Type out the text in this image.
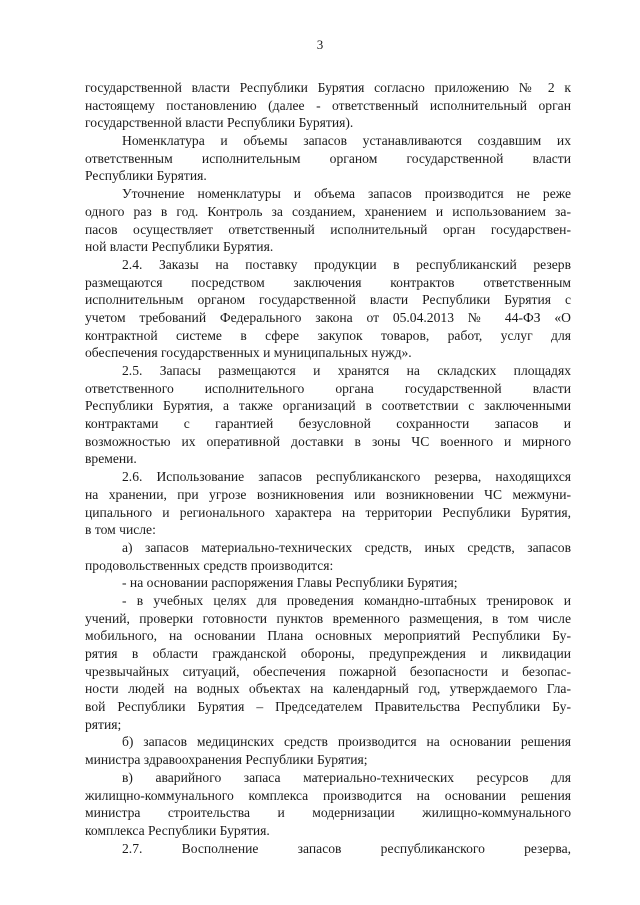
3
государственной власти Республики Бурятия согласно приложению № 2 к
настоящему постановлению (далее - ответственный исполнительный орган
государственной власти Республики Бурятия).
Номенклатура и объемы запасов устанавливаются создавшим их
ответственным исполнительным органом государственной власти
Республики Бурятия.
Уточнение номенклатуры и объема запасов производится не реже
одного раз в год. Контроль за созданием, хранением и использованием за-
пасов осуществляет ответственный исполнительный орган государствен-
ной власти Республики Бурятия.
2.4. Заказы на поставку продукции в республиканский резерв
размещаются посредством заключения контрактов ответственным
исполнительным органом государственной власти Республики Бурятия с
учетом требований Федерального закона от 05.04.2013 № 44-ФЗ «О
контрактной системе в сфере закупок товаров, работ, услуг для
обеспечения государственных и муниципальных нужд».
2.5. Запасы размещаются и хранятся на складских площадях
ответственного исполнительного органа государственной власти
Республики Бурятия, а также организаций в соответствии с заключенными
контрактами с гарантией безусловной сохранности запасов и
возможностью их оперативной доставки в зоны ЧС военного и мирного
времени.
2.6. Использование запасов республиканского резерва, находящихся
на хранении, при угрозе возникновения или возникновении ЧС межмуни-
ципального и регионального характера на территории Республики Бурятия,
в том числе:
а) запасов материально-технических средств, иных средств, запасов
продовольственных средств производится:
- на основании распоряжения Главы Республики Бурятия;
- в учебных целях для проведения командно-штабных тренировок и
учений, проверки готовности пунктов временного размещения, в том числе
мобильного, на основании Плана основных мероприятий Республики Бу-
рятия в области гражданской обороны, предупреждения и ликвидации
чрезвычайных ситуаций, обеспечения пожарной безопасности и безопас-
ности людей на водных объектах на календарный год, утверждаемого Гла-
вой Республики Бурятия – Председателем Правительства Республики Бу-
рятия;
б) запасов медицинских средств производится на основании решения
министра здравоохранения Республики Бурятия;
в) аварийного запаса материально-технических ресурсов для
жилищно-коммунального комплекса производится на основании решения
министра строительства и модернизации жилищно-коммунального
комплекса Республики Бурятия.
2.7. Восполнение запасов республиканского резерва,
